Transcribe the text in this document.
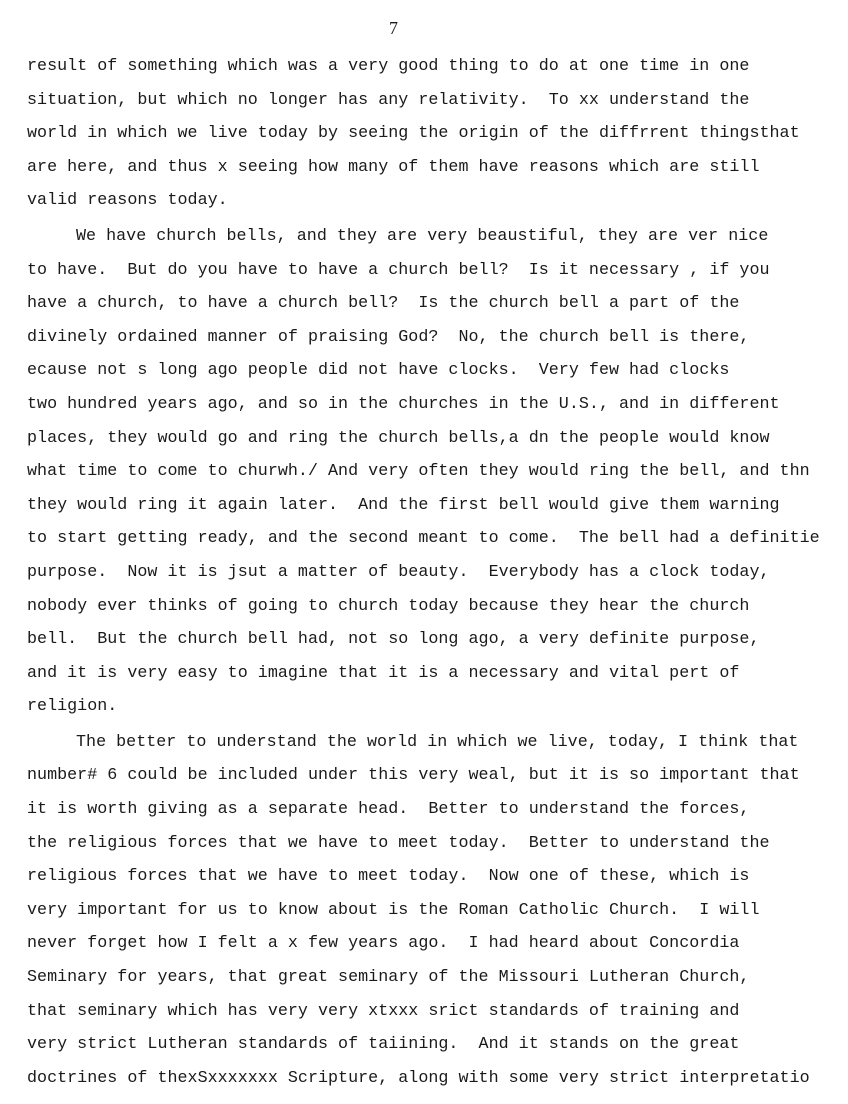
7
result of something which was a very good thing to do at one time in one
situation, but which no longer has any relativity.  To xx understand the
world in which we live today by seeing the origin of the diffrrent thingsthat
are here, and thus x seeing how many of them have reasons which are still
valid reasons today.
We have church bells, and they are very beaustiful, they are ver nice
to have.  But do you have to have a church bell?  Is it necessary , if you
have a church, to have a church bell?  Is the church bell a part of the
divinely ordained manner of praising God?  No, the church bell is there,
ecause not s long ago people did not have clocks.  Very few had clocks
two hundred years ago, and so in the churches in the U.S., and in different
places, they would go and ring the church bells,a dn the people would know
what time to come to churwh./ And very often they would ring the bell, and thn
they would ring it again later.  And the first bell would give them warning
to start getting ready, and the second meant to come.  The bell had a definitie
purpose.  Now it is jsut a matter of beauty.  Everybody has a clock today,
nobody ever thinks of going to church today because they hear the church
bell.  But the church bell had, not so long ago, a very definite purpose,
and it is very easy to imagine that it is a necessary and vital pert of
religion.
The better to understand the world in which we live, today, I think that
number# 6 could be included under this very weal, but it is so important that
it is worth giving as a separate head.  Better to understand the forces,
the religious forces that we have to meet today.  Better to understand the
religious forces that we have to meet today.  Now one of these, which is
very important for us to know about is the Roman Catholic Church.  I will
never forget how I felt a x few years ago.  I had heard about Concordia
Seminary for years, that great seminary of the Missouri Lutheran Church,
that seminary which has very very xtxxx srict standards of training and
very strict Lutheran standards of taiining.  And it stands on the great
doctrines of thexSxxxxxxx Scripture, along with some very strict interpretatio
